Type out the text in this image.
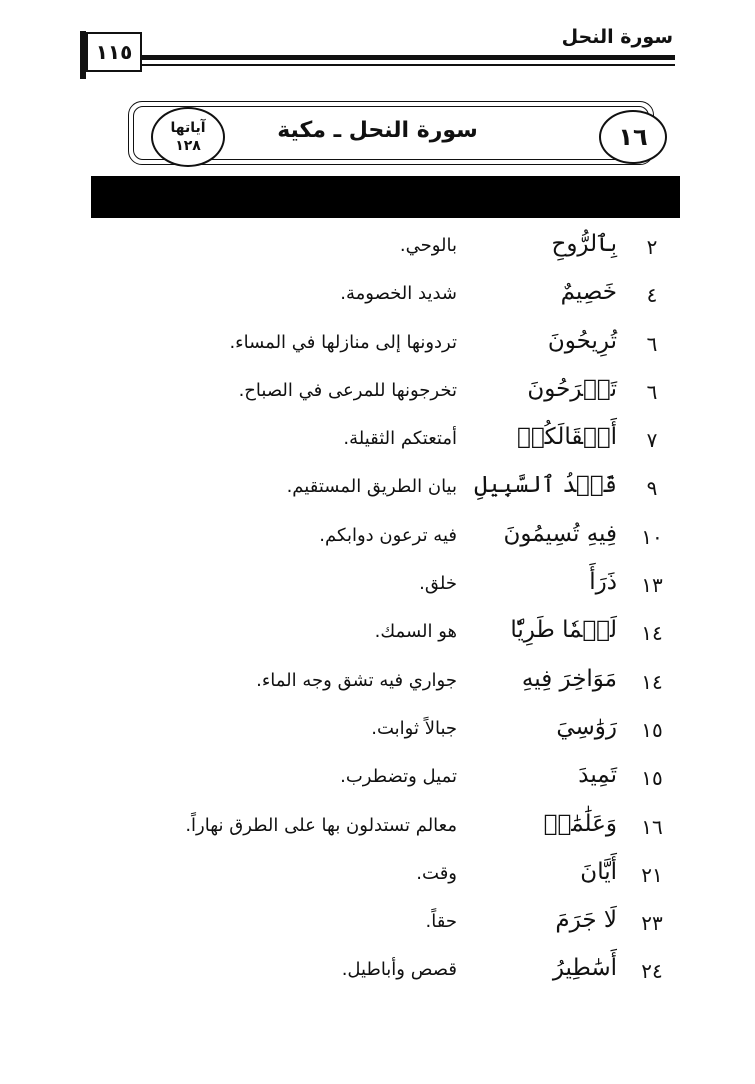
سورة النحل
١١٥
١٦
سورة النحل ـ مكية
آياتها
١٢٨
٢
بِٱلرُّوحِ
بالوحي.
٤
خَصِيمٌ
شديد الخصومة.
٦
تُرِيحُونَ
تردونها إلى منازلها في المساء.
٦
تَسۡرَحُونَ
تخرجونها للمرعى في الصباح.
٧
أَثۡقَالَكُمۡ
أمتعتكم الثقيلة.
٩
قَصۡدُ ٱلسَّبِيلِ
بيان الطريق المستقيم.
١٠
فِيهِ تُسِيمُونَ
فيه ترعون دوابكم.
١٣
ذَرَأَ
خلق.
١٤
لَحۡمٗا طَرِيّٗا
هو السمك.
١٤
مَوَاخِرَ فِيهِ
جواري فيه تشق وجه الماء.
١٥
رَوَٰسِيَ
جبالاً ثوابت.
١٥
تَمِيدَ
تميل وتضطرب.
١٦
وَعَلَٰمَٰتٖ
معالم تستدلون بها على الطرق نهاراً.
٢١
أَيَّانَ
وقت.
٢٣
لَا جَرَمَ
حقاً.
٢٤
أَسَٰطِيرُ
قصص وأباطيل.
